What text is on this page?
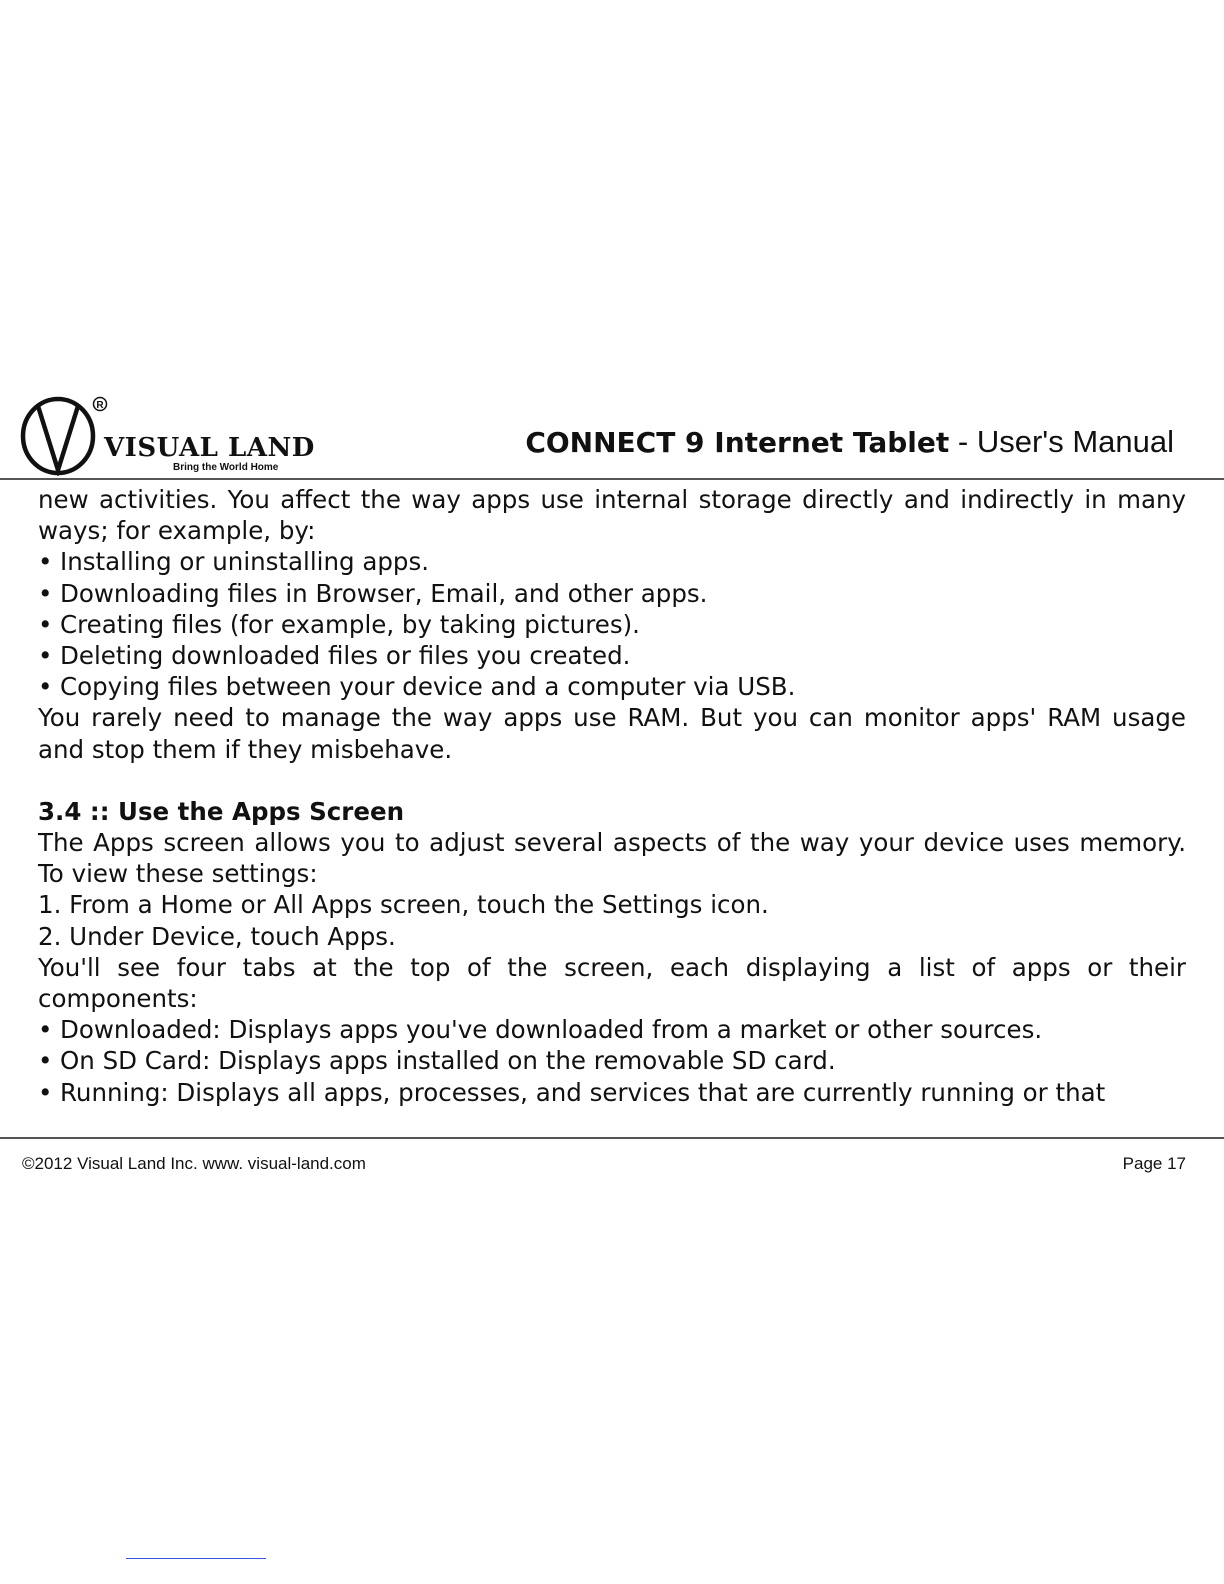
R
VISUAL LAND
Bring the World Home
CONNECT 9 Internet Tablet - User's Manual

new activities. You affect the way apps use internal storage directly and indirectly in many ways; for example, by:

• Installing or uninstalling apps.
• Downloading files in Browser, Email, and other apps.
• Creating files (for example, by taking pictures).
• Deleting downloaded files or files you created.
• Copying files between your device and a computer via USB.

You rarely need to manage the way apps use RAM. But you can monitor apps' RAM usage and stop them if they misbehave.

3.4 :: Use the Apps Screen

The Apps screen allows you to adjust several aspects of the way your device uses memory. To view these settings:

1. From a Home or All Apps screen, touch the Settings icon.
2. Under Device, touch Apps.

You'll see four tabs at the top of the screen, each displaying a list of apps or their components:

• Downloaded: Displays apps you've downloaded from a market or other sources.
• On SD Card: Displays apps installed on the removable SD card.
• Running: Displays all apps, processes, and services that are currently running or that
©2012 Visual Land Inc. www. visual-land.com	Page 17
